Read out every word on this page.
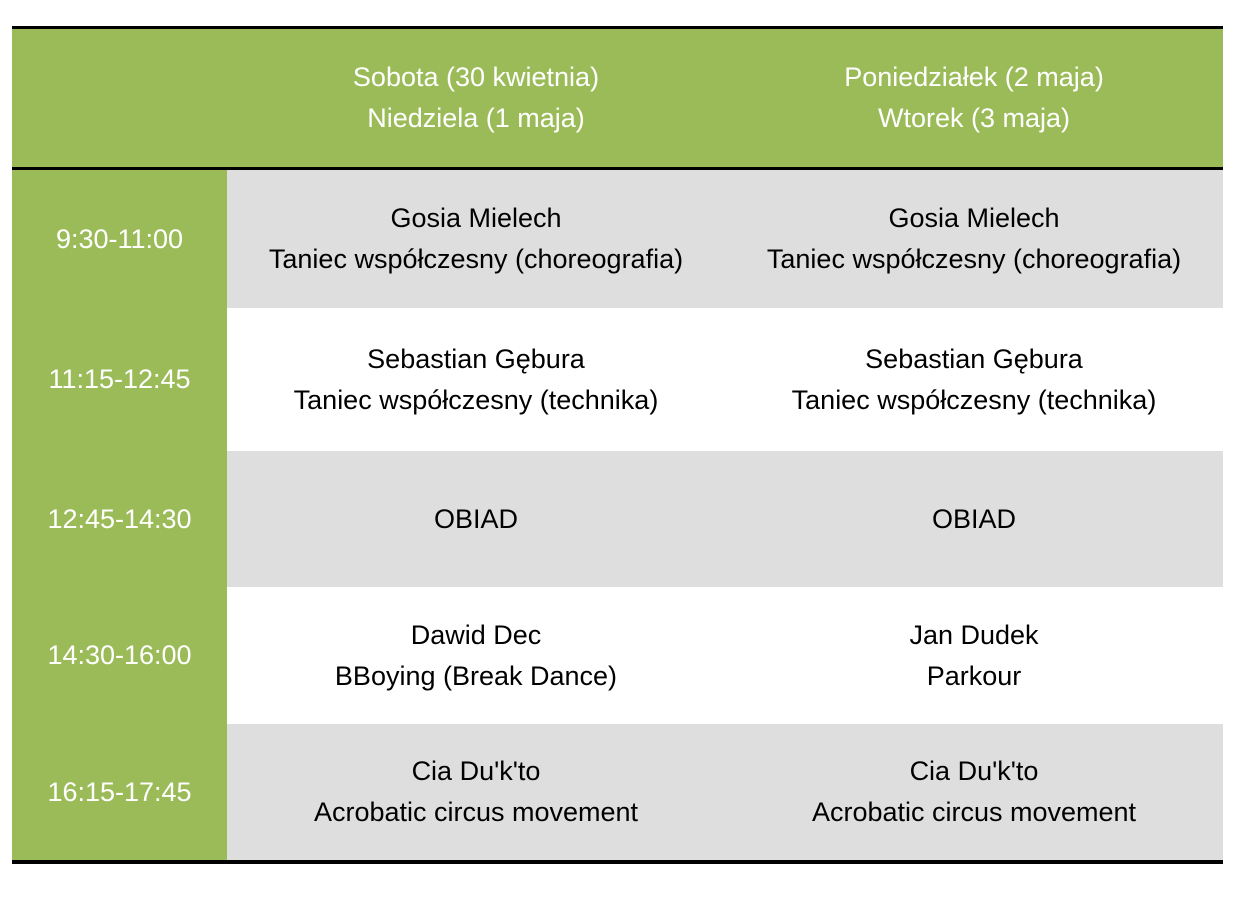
Sobota (30 kwietnia)
Niedziela (1 maja)
Poniedziałek (2 maja)
Wtorek (3 maja)
9:30-11:00
Gosia Mielech
Taniec współczesny (choreografia)
Gosia Mielech
Taniec współczesny (choreografia)
11:15-12:45
Sebastian Gębura
Taniec współczesny (technika)
Sebastian Gębura
Taniec współczesny (technika)
12:45-14:30	OBIAD	OBIAD
14:30-16:00
Dawid Dec
BBoying (Break Dance)
Jan Dudek
Parkour
16:15-17:45
Cia Du'k'to
Acrobatic circus movement
Cia Du'k'to
Acrobatic circus movement
